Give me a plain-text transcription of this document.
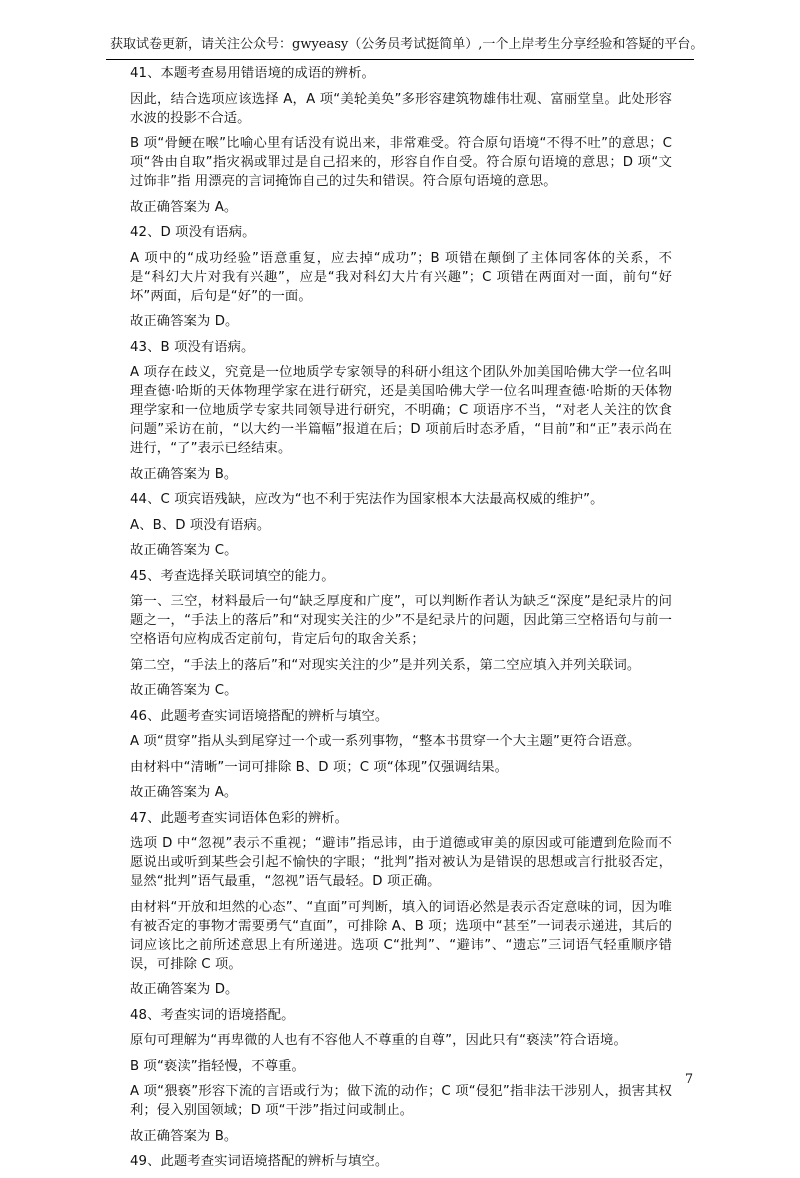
获取试卷更新，请关注公众号：gwyeasy（公务员考试挺简单）,一个上岸考生分享经验和答疑的平台。

41、本题考查易用错语境的成语的辨析。

因此，结合选项应该选择 A，A 项“美轮美奂”多形容建筑物雄伟壮观、富丽堂皇。此处形容水波的投影不合适。

B 项“骨鲠在喉”比喻心里有话没有说出来，非常难受。符合原句语境“不得不吐”的意思；C 项“咎由自取”指灾祸或罪过是自己招来的，形容自作自受。符合原句语境的意思；D 项“文过饰非”指 用漂亮的言词掩饰自己的过失和错误。符合原句语境的意思。

故正确答案为 A。

42、D 项没有语病。

A 项中的“成功经验”语意重复，应去掉“成功”；B 项错在颠倒了主体同客体的关系，不是“科幻大片对我有兴趣”，应是“我对科幻大片有兴趣”；C 项错在两面对一面，前句“好坏”两面，后句是“好”的一面。

故正确答案为 D。

43、B 项没有语病。

A 项存在歧义，究竟是一位地质学专家领导的科研小组这个团队外加美国哈佛大学一位名叫理查德·哈斯的天体物理学家在进行研究，还是美国哈佛大学一位名叫理查德·哈斯的天体物理学家和一位地质学专家共同领导进行研究，不明确；C 项语序不当，“对老人关注的饮食问题”采访在前，“以大约一半篇幅”报道在后；D 项前后时态矛盾，“目前”和“正”表示尚在进行，“了”表示已经结束。

故正确答案为 B。

44、C 项宾语残缺，应改为“也不利于宪法作为国家根本大法最高权威的维护”。

A、B、D 项没有语病。

故正确答案为 C。

45、考查选择关联词填空的能力。

第一、三空，材料最后一句“缺乏厚度和广度”，可以判断作者认为缺乏“深度”是纪录片的问题之一，“手法上的落后”和“对现实关注的少”不是纪录片的问题，因此第三空格语句与前一空格语句应构成否定前句，肯定后句的取舍关系；

第二空，“手法上的落后”和“对现实关注的少”是并列关系，第二空应填入并列关联词。

故正确答案为 C。

46、此题考查实词语境搭配的辨析与填空。

A 项“贯穿”指从头到尾穿过一个或一系列事物，“整本书贯穿一个大主题”更符合语意。

由材料中“清晰”一词可排除 B、D 项；C 项“体现”仅强调结果。

故正确答案为 A。

47、此题考查实词语体色彩的辨析。

选项 D 中“忽视”表示不重视；“避讳”指忌讳，由于道德或审美的原因或可能遭到危险而不愿说出或听到某些会引起不愉快的字眼；“批判”指对被认为是错误的思想或言行批驳否定，显然“批判”语气最重，“忽视”语气最轻。D 项正确。

由材料“开放和坦然的心态”、“直面”可判断，填入的词语必然是表示否定意味的词，因为唯有被否定的事物才需要勇气“直面”，可排除 A、B 项；选项中“甚至”一词表示递进，其后的词应该比之前所述意思上有所递进。选项 C“批判”、“避讳”、“遗忘”三词语气轻重顺序错误，可排除 C 项。

故正确答案为 D。

48、考查实词的语境搭配。

原句可理解为“再卑微的人也有不容他人不尊重的自尊”，因此只有“亵渎”符合语境。

B 项“亵渎”指轻慢，不尊重。

A 项“猥亵”形容下流的言语或行为；做下流的动作；C 项“侵犯”指非法干涉别人，损害其权利；侵入别国领域；D 项“干涉”指过问或制止。

故正确答案为 B。

49、此题考查实词语境搭配的辨析与填空。

7
